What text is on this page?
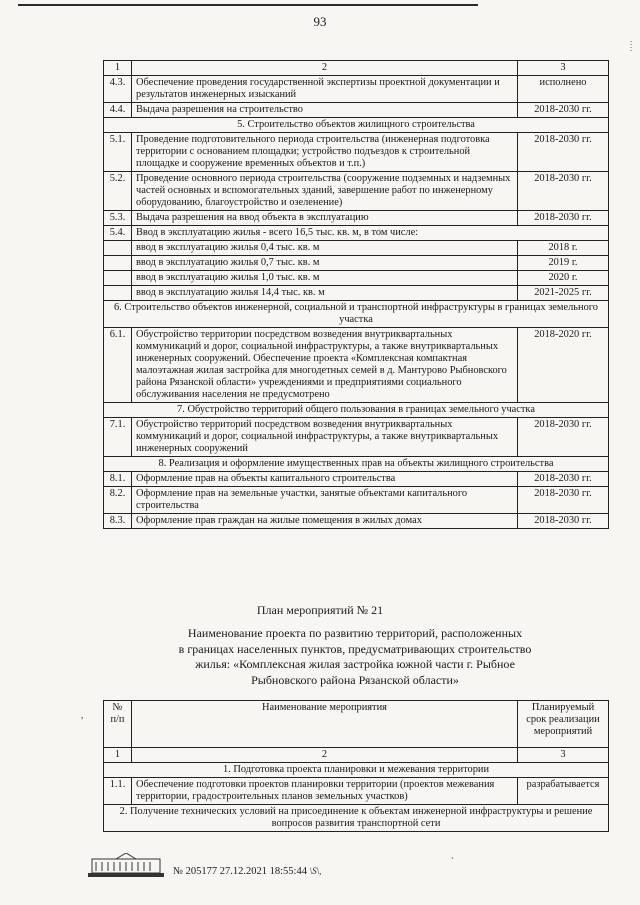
93
····
1	2	3
4.3.	Обеспечение проведения государственной экспертизы проектной документации и результатов инженерных изысканий	исполнено
4.4.	Выдача разрешения на строительство	2018-2030 гг.
5. Строительство объектов жилищного строительства		
5.1.	Проведение подготовительного периода строительства (инженерная подготовка территории с основанием площадки; устройство подъездов к строительной площадке и сооружение временных объектов и т.п.)	2018-2030 гг.
5.2.	Проведение основного периода строительства (сооружение подземных и надземных частей основных и вспомогательных зданий, завершение работ по инженерному оборудованию, благоустройство и озеленение)	2018-2030 гг.
5.3.	Выдача разрешения на ввод объекта в эксплуатацию	2018-2030 гг.
5.4.	Ввод в эксплуатацию жилья - всего 16,5 тыс. кв. м, в том числе:	
	ввод в эксплуатацию жилья 0,4 тыс. кв. м	2018 г.
	ввод в эксплуатацию жилья 0,7 тыс. кв. м	2019 г.
	ввод в эксплуатацию жилья 1,0 тыс. кв. м	2020 г.
	ввод в эксплуатацию жилья 14,4 тыс. кв. м	2021-2025 гг.
6. Строительство объектов инженерной, социальной и транспортной инфраструктуры в границах земельного участка		
6.1.	Обустройство территории посредством возведения внутриквартальных коммуникаций и дорог, социальной инфраструктуры, а также внутриквартальных инженерных сооружений. Обеспечение проекта «Комплексная компактная малоэтажная жилая застройка для многодетных семей в д. Мантурово Рыбновского района Рязанской области» учреждениями и предприятиями социального обслуживания населения не предусмотрено	2018-2020 гг.
7. Обустройство территорий общего пользования в границах земельного участка		
7.1.	Обустройство территорий посредством возведения внутриквартальных коммуникаций и дорог, социальной инфраструктуры, а также внутриквартальных инженерных сооружений	2018-2030 гг.
8. Реализация и оформление имущественных прав на объекты жилищного строительства		
8.1.	Оформление прав на объекты капитального строительства	2018-2030 гг.
8.2.	Оформление прав на земельные участки, занятые объектами капитального строительства	2018-2030 гг.
8.3.	Оформление прав граждан на жилые помещения в жилых домах	2018-2030 гг.
План мероприятий № 21
Наименование проекта по развитию территорий, расположенных
в границах населенных пунктов, предусматривающих строительство
жилья: «Комплексная жилая застройка южной части г. Рыбное
Рыбновского района Рязанской области»
№ п/п	Наименование мероприятия	Планируемый срок реализации мероприятий
1	2	3
1. Подготовка проекта планировки и межевания территории		
1.1.	Обеспечение подготовки проектов планировки территории (проектов межевания территории, градостроительных планов земельных участков)	разрабатывается
2. Получение технических условий на присоединение к объектам инженерной инфраструктуры и решение вопросов развития транспортной сети		
,
№ 205177 27.12.2021 18:55:44 \S\,
`
